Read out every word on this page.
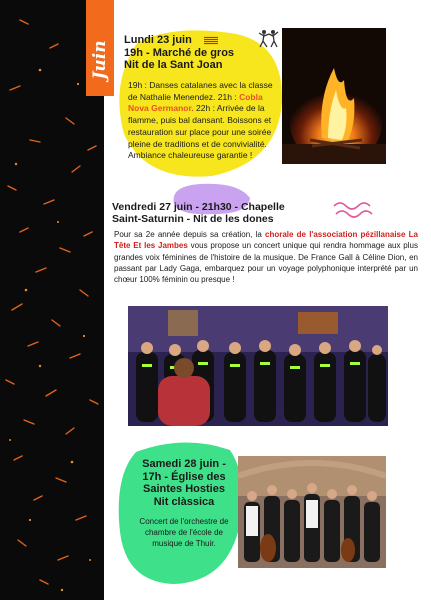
Juin
Lundi 23 juin
19h - Marché de gros
Nit de la Sant Joan
19h : Danses catalanes avec la classe de Nathalie Menendez. 21h : Cobla Nova Germanor. 22h : Arrivée de la flamme, puis bal dansant. Boissons et restauration sur place pour une soirée pleine de traditions et de convivialité. Ambiance chaleureuse garantie !
Vendredi 27 juin - 21h30 - Chapelle
Saint-Saturnin - Nit de les dones
Pour sa 2e année depuis sa création, la chorale de l'association pézillanaise La Tête Et les Jambes vous propose un concert unique qui rendra hommage aux plus grandes voix féminines de l'histoire de la musique. De France Gall à Céline Dion, en passant par Lady Gaga, embarquez pour un voyage polyphonique interprété par un chœur 100% féminin ou presque !
Samedi 28 juin -
17h - Église des
Saintes Hosties
Nit clàssica
Concert de l'orchestre de chambre de l'école de musique de Thuir.
